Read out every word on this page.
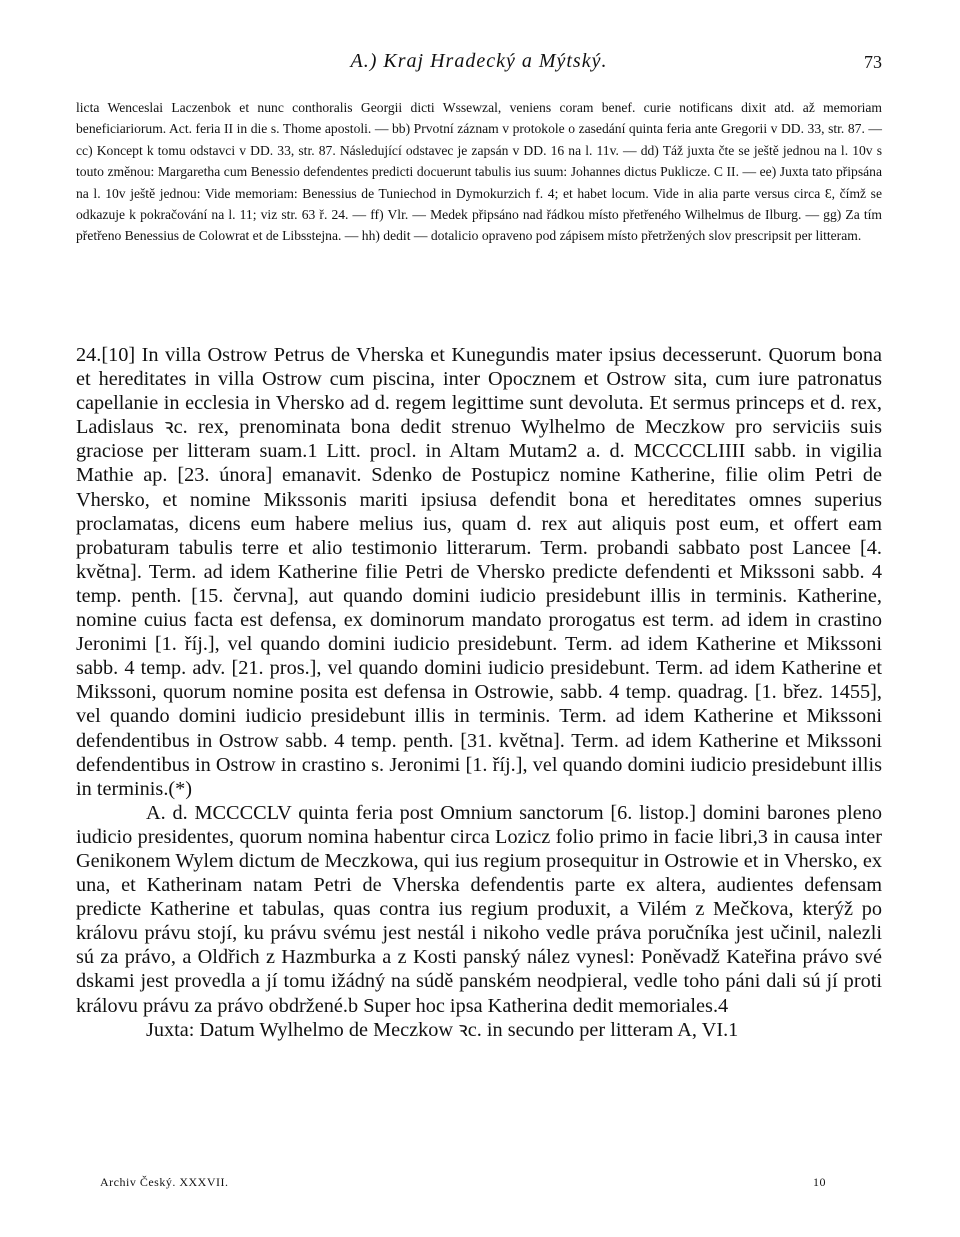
A.) Kraj Hradecký a Mýtský.	73
licta Wenceslai Laczenbok et nunc conthoralis Georgii dicti Wssewzal, veniens coram benef. curie notificans dixit atd. až memoriam beneficiariorum. Act. feria II in die s. Thome apostoli. — bb) Prvotní záznam v protokole o zasedání quinta feria ante Gregorii v DD. 33, str. 87. — cc) Koncept k tomu odstavci v DD. 33, str. 87. Následující odstavec je zapsán v DD. 16 na l. 11v. — dd) Táž juxta čte se ještě jednou na l. 10v s touto změnou: Margaretha cum Benessio defendentes predicti docuerunt tabulis ius suum: Johannes dictus Puklicze. C II. — ee) Juxta tato připsána na l. 10v ještě jednou: Vide memoriam: Benessius de Tuniechod in Dymokurzich f. 4; et habet locum. Vide in alia parte versus circa Ɛ, čímž se odkazuje k pokračování na l. 11; viz str. 63 ř. 24. — ff) Vlr. — Medek připsáno nad řádkou místo přetřeného Wilhelmus de Ilburg. — gg) Za tím přetřeno Benessius de Colowrat et de Libsstejna. — hh) dedit — dotalicio opraveno pod zápisem místo přetržených slov prescripsit per litteram.

24.[10] In villa Ostrow Petrus de Vherska et Kunegundis mater ipsius decesserunt. Quorum bona et hereditates in villa Ostrow cum piscina, inter Opocznem et Ostrow sita, cum iure patronatus capellanie in ecclesia in Vhersko ad d. regem legittime sunt devoluta. Et sermus princeps et d. rex, Ladislaus ꝛc. rex, prenominata bona dedit strenuo Wylhelmo de Meczkow pro serviciis suis graciose per litteram suam.1 Litt. procl. in Altam Mutam2 a. d. MCCCCLIIII sabb. in vigilia Mathie ap. [23. února] emanavit. Sdenko de Postupicz nomine Katherine, filie olim Petri de Vhersko, et nomine Mikssonis mariti ipsiusa defendit bona et hereditates omnes superius proclamatas, dicens eum habere melius ius, quam d. rex aut aliquis post eum, et offert eam probaturam tabulis terre et alio testimonio litterarum. Term. probandi sabbato post Lancee [4. května]. Term. ad idem Katherine filie Petri de Vhersko predicte defendenti et Mikssoni sabb. 4 temp. penth. [15. června], aut quando domini iudicio presidebunt illis in terminis. Katherine, nomine cuius facta est defensa, ex dominorum mandato prorogatus est term. ad idem in crastino Jeronimi [1. říj.], vel quando domini iudicio presidebunt. Term. ad idem Katherine et Mikssoni sabb. 4 temp. adv. [21. pros.], vel quando domini iudicio presidebunt. Term. ad idem Katherine et Mikssoni, quorum nomine posita est defensa in Ostrowie, sabb. 4 temp. quadrag. [1. břez. 1455], vel quando domini iudicio presidebunt illis in terminis. Term. ad idem Katherine et Mikssoni defendentibus in Ostrow sabb. 4 temp. penth. [31. května]. Term. ad idem Katherine et Mikssoni defendentibus in Ostrow in crastino s. Jeronimi [1. říj.], vel quando domini iudicio presidebunt illis in terminis.(*)

A. d. MCCCCLV quinta feria post Omnium sanctorum [6. listop.] domini barones pleno iudicio presidentes, quorum nomina habentur circa Lozicz folio primo in facie libri,3 in causa inter Genikonem Wylem dictum de Meczkowa, qui ius regium prosequitur in Ostrowie et in Vhersko, ex una, et Katherinam natam Petri de Vherska defendentis parte ex altera, audientes defensam predicte Katherine et tabulas, quas contra ius regium produxit, a Vilém z Mečkova, kterýž po královu právu stojí, ku právu svému jest nestál i nikoho vedle práva poručníka jest učinil, nalezli sú za právo, a Oldřich z Hazmburka a z Kosti panský nález vynesl: Poněvadž Kateřina právo své dskami jest provedla a jí tomu ižádný na súdě panském neodpieral, vedle toho páni dali sú jí proti královu právu za právo obdržené.b Super hoc ipsa Katherina dedit memoriales.4

Juxta: Datum Wylhelmo de Meczkow ꝛc. in secundo per litteram A, VI.1

Archiv Český. XXXVII.	10
